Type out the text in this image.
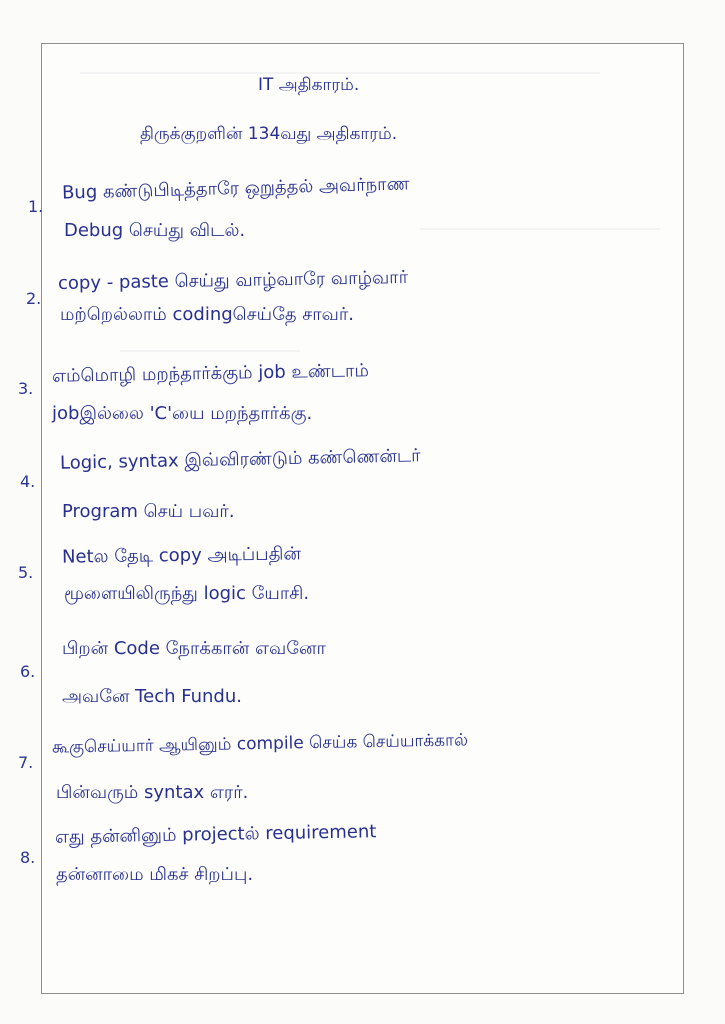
IT அதிகாரம்.
திருக்குறளின் 134வது அதிகாரம்.
1.
Bug கண்டுபிடித்தாரே ஒறுத்தல் அவர்நாண
Debug செய்து விடல்.
2.
copy - paste செய்து வாழ்வாரே வாழ்வார்
மற்றெல்லாம் codingசெய்தே சாவர்.
3.
எம்மொழி மறந்தார்க்கும் job உண்டாம்
jobஇல்லை 'C'யை மறந்தார்க்கு.
4.
Logic, syntax இவ்விரண்டும் கண்ணென்டர்
Program செய் பவர்.
5.
Netல தேடி copy அடிப்பதின்
மூளையிலிருந்து logic யோசி.
6.
பிறன் Code நோக்கான் எவனோ
அவனே Tech Fundu.
7.
கூகுசெய்யார் ஆயினும் compile செய்க செய்யாக்கால்
பின்வரும் syntax எரர்.
8.
எது தன்னினும் projectல் requirement
தன்னாமை மிகச் சிறப்பு.
